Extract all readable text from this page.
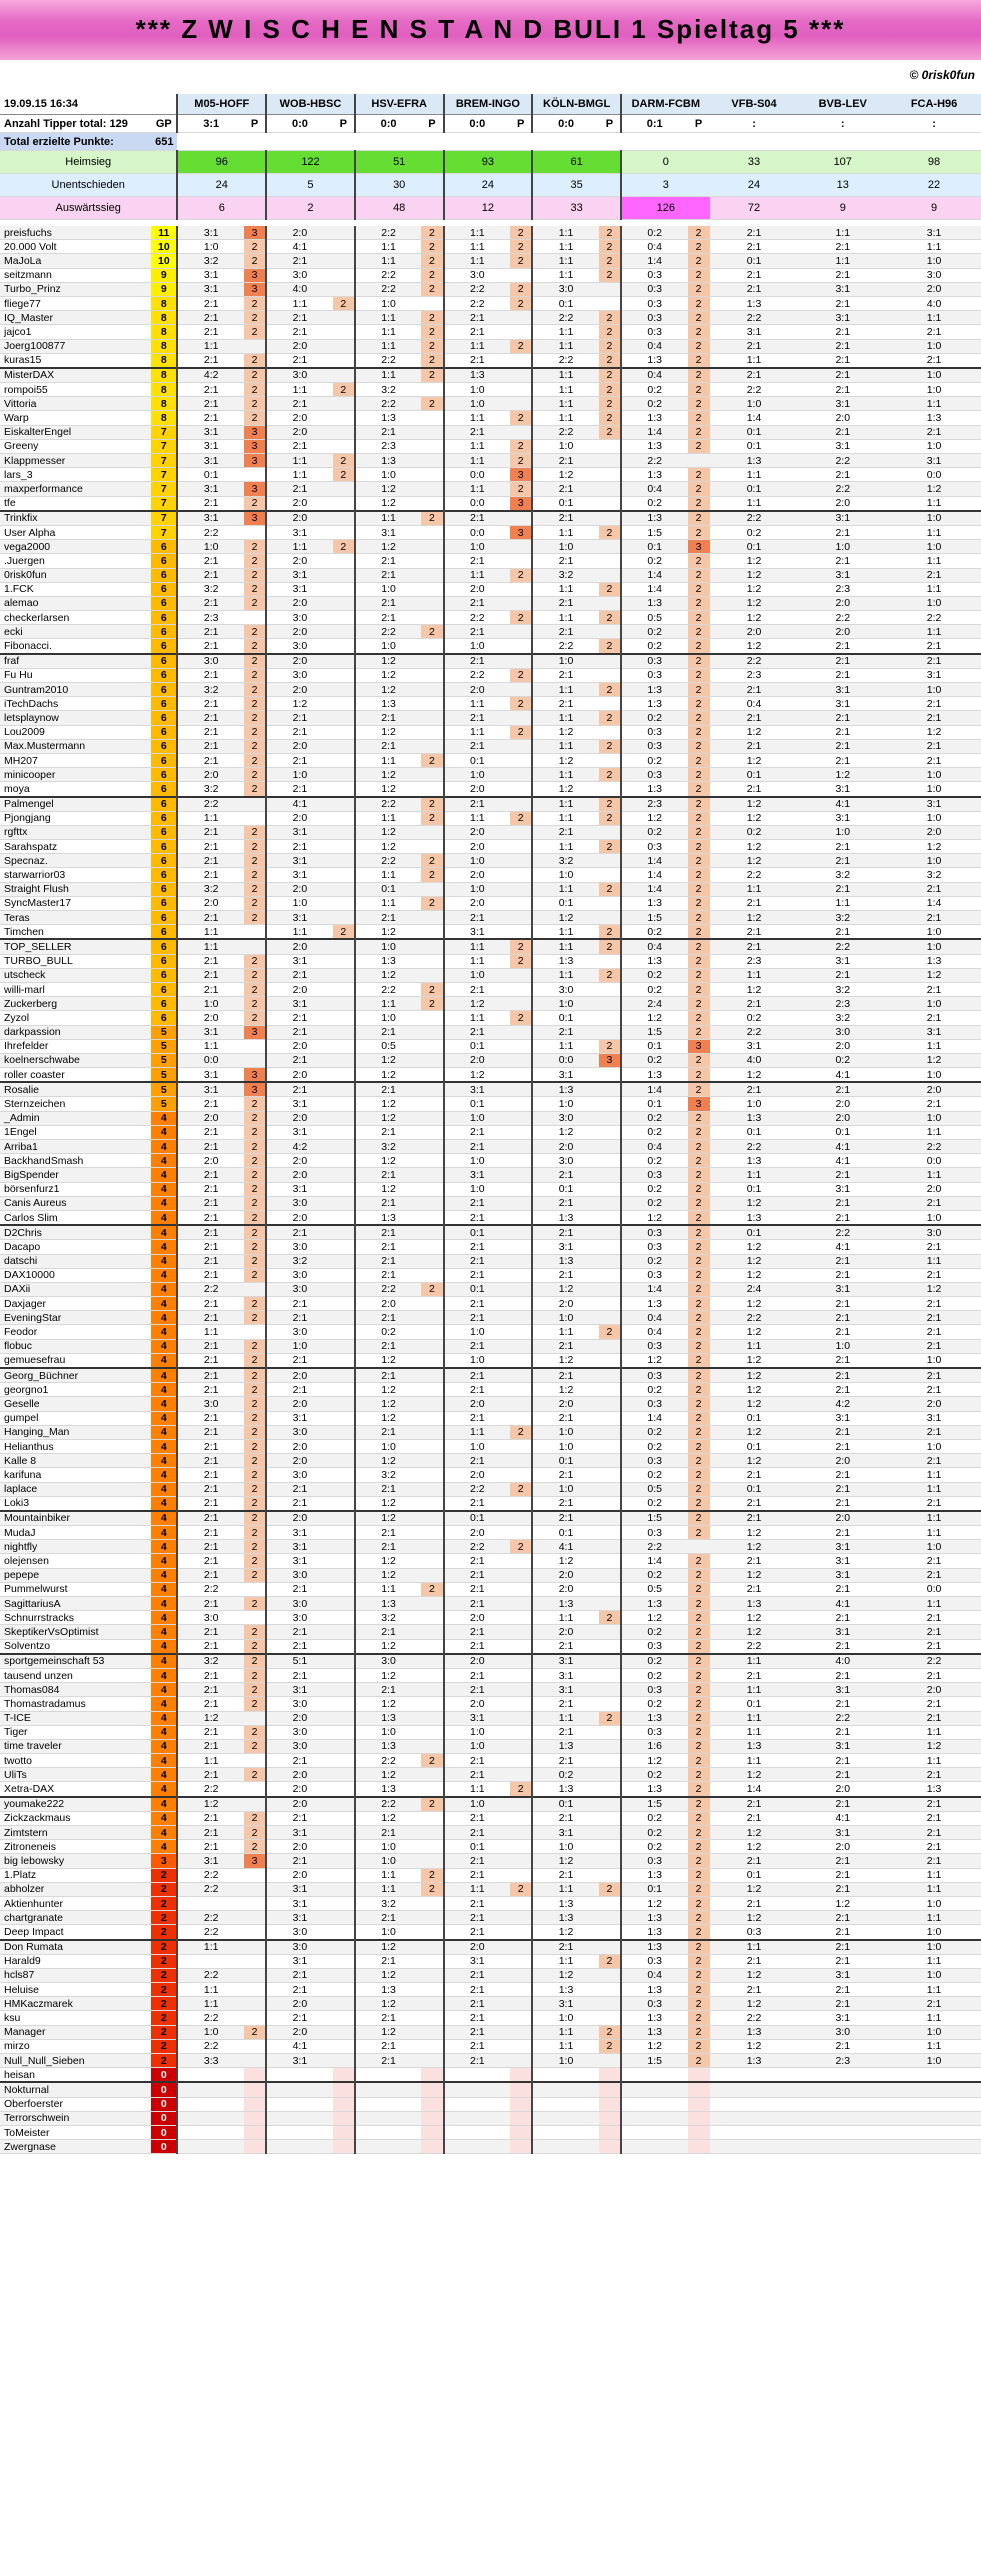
*** Z W I S C H E N S T A N D BULI 1 Spieltag 5 ***
© 0risk0fun
19.09.15 16:34		M05-HOFF		WOB-HBSC		HSV-EFRA		BREM-INGO		KÖLN-BMGL		DARM-FCBM		VFB-S04	BVB-LEV	FCA-H96
Anzahl Tipper total: 129	GP	3:1	P	0:0	P	0:0	P	0:0	P	0:0	P	0:1	P	:	:	:
Total erzielte Punkte:	651															
Heimsieg		96		122		51		93		61		0		33	107	98
Unentschieden		24		5		30		24		35		3		24	13	22
Auswärtssieg		6		2		48		12		33		126		72	9	9

preisfuchs	11	3:1	3	2:0		2:2	2	1:1	2	1:1	2	0:2	2	2:1	1:1	3:1
20.000 Volt	10	1:0	2	4:1		1:1	2	1:1	2	1:1	2	0:4	2	2:1	2:1	1:1
MaJoLa	10	3:2	2	2:1		1:1	2	1:1	2	1:1	2	1:4	2	0:1	1:1	1:0
seitzmann	9	3:1	3	3:0		2:2	2	3:0		1:1	2	0:3	2	2:1	2:1	3:0
Turbo_Prinz	9	3:1	3	4:0		2:2	2	2:2	2	3:0		0:3	2	2:1	3:1	2:0
fliege77	8	2:1	2	1:1	2	1:0		2:2	2	0:1		0:3	2	1:3	2:1	4:0
IQ_Master	8	2:1	2	2:1		1:1	2	2:1		2:2	2	0:3	2	2:2	3:1	1:1
jajco1	8	2:1	2	2:1		1:1	2	2:1		1:1	2	0:3	2	3:1	2:1	2:1
Joerg100877	8	1:1		2:0		1:1	2	1:1	2	1:1	2	0:4	2	2:1	2:1	1:0
kuras15	8	2:1	2	2:1		2:2	2	2:1		2:2	2	1:3	2	1:1	2:1	2:1
MisterDAX	8	4:2	2	3:0		1:1	2	1:3		1:1	2	0:4	2	2:1	2:1	1:0
rompoi55	8	2:1	2	1:1	2	3:2		1:0		1:1	2	0:2	2	2:2	2:1	1:0
Vittoria	8	2:1	2	2:1		2:2	2	1:0		1:1	2	0:2	2	1:0	3:1	1:1
Warp	8	2:1	2	2:0		1:3		1:1	2	1:1	2	1:3	2	1:4	2:0	1:3
EiskalterEngel	7	3:1	3	2:0		2:1		2:1		2:2	2	1:4	2	0:1	2:1	2:1
Greeny	7	3:1	3	2:1		2:3		1:1	2	1:0		1:3	2	0:1	3:1	1:0
Klappmesser	7	3:1	3	1:1	2	1:3		1:1	2	2:1		2:2		1:3	2:2	3:1
lars_3	7	0:1		1:1	2	1:0		0:0	3	1:2		1:3	2	1:1	2:1	0:0
maxperformance	7	3:1	3	2:1		1:2		1:1	2	2:1		0:4	2	0:1	2:2	1:2
tfe	7	2:1	2	2:0		1:2		0:0	3	0:1		0:2	2	1:1	2:0	1:1
Trinkfix	7	3:1	3	2:0		1:1	2	2:1		2:1		1:3	2	2:2	3:1	1:0
User Alpha	7	2:2		3:1		3:1		0:0	3	1:1	2	1:5	2	0:2	2:1	1:1
vega2000	6	1:0	2	1:1	2	1:2		1:0		1:0		0:1	3	0:1	1:0	1:0
.Juergen	6	2:1	2	2:0		2:1		2:1		2:1		0:2	2	1:2	2:1	1:1
0risk0fun	6	2:1	2	3:1		2:1		1:1	2	3:2		1:4	2	1:2	3:1	2:1
1.FCK	6	3:2	2	3:1		1:0		2:0		1:1	2	1:4	2	1:2	2:3	1:1
alemao	6	2:1	2	2:0		2:1		2:1		2:1		1:3	2	1:2	2:0	1:0
checkerlarsen	6	2:3		3:0		2:1		2:2	2	1:1	2	0:5	2	1:2	2:2	2:2
ecki	6	2:1	2	2:0		2:2	2	2:1		2:1		0:2	2	2:0	2:0	1:1
Fibonacci.	6	2:1	2	3:0		1:0		1:0		2:2	2	0:2	2	1:2	2:1	2:1
fraf	6	3:0	2	2:0		1:2		2:1		1:0		0:3	2	2:2	2:1	2:1
Fu Hu	6	2:1	2	3:0		1:2		2:2	2	2:1		0:3	2	2:3	2:1	3:1
Guntram2010	6	3:2	2	2:0		1:2		2:0		1:1	2	1:3	2	2:1	3:1	1:0
iTechDachs	6	2:1	2	1:2		1:3		1:1	2	2:1		1:3	2	0:4	3:1	2:1
letsplaynow	6	2:1	2	2:1		2:1		2:1		1:1	2	0:2	2	2:1	2:1	2:1
Lou2009	6	2:1	2	2:1		1:2		1:1	2	1:2		0:3	2	1:2	2:1	1:2
Max.Mustermann	6	2:1	2	2:0		2:1		2:1		1:1	2	0:3	2	2:1	2:1	2:1
MH207	6	2:1	2	2:1		1:1	2	0:1		1:2		0:2	2	1:2	2:1	2:1
minicooper	6	2:0	2	1:0		1:2		1:0		1:1	2	0:3	2	0:1	1:2	1:0
moya	6	3:2	2	2:1		1:2		2:0		1:2		1:3	2	2:1	3:1	1:0
Palmengel	6	2:2		4:1		2:2	2	2:1		1:1	2	2:3	2	1:2	4:1	3:1
Pjongjang	6	1:1		2:0		1:1	2	1:1	2	1:1	2	1:2	2	1:2	3:1	1:0
rgfttx	6	2:1	2	3:1		1:2		2:0		2:1		0:2	2	0:2	1:0	2:0
Sarahspatz	6	2:1	2	2:1		1:2		2:0		1:1	2	0:3	2	1:2	2:1	1:2
Specnaz.	6	2:1	2	3:1		2:2	2	1:0		3:2		1:4	2	1:2	2:1	1:0
starwarrior03	6	2:1	2	3:1		1:1	2	2:0		1:0		1:4	2	2:2	3:2	3:2
Straight Flush	6	3:2	2	2:0		0:1		1:0		1:1	2	1:4	2	1:1	2:1	2:1
SyncMaster17	6	2:0	2	1:0		1:1	2	2:0		0:1		1:3	2	2:1	1:1	1:4
Teras	6	2:1	2	3:1		2:1		2:1		1:2		1:5	2	1:2	3:2	2:1
Timchen	6	1:1		1:1	2	1:2		3:1		1:1	2	0:2	2	2:1	2:1	1:0
TOP_SELLER	6	1:1		2:0		1:0		1:1	2	1:1	2	0:4	2	2:1	2:2	1:0
TURBO_BULL	6	2:1	2	3:1		1:3		1:1	2	1:3		1:3	2	2:3	3:1	1:3
utscheck	6	2:1	2	2:1		1:2		1:0		1:1	2	0:2	2	1:1	2:1	1:2
willi-marl	6	2:1	2	2:0		2:2	2	2:1		3:0		0:2	2	1:2	3:2	2:1
Zuckerberg	6	1:0	2	3:1		1:1	2	1:2		1:0		2:4	2	2:1	2:3	1:0
Zyzol	6	2:0	2	2:1		1:0		1:1	2	0:1		1:2	2	0:2	3:2	2:1
darkpassion	5	3:1	3	2:1		2:1		2:1		2:1		1:5	2	2:2	3:0	3:1
Ihrefelder	5	1:1		2:0		0:5		0:1		1:1	2	0:1	3	3:1	2:0	1:1
koelnerschwabe	5	0:0		2:1		1:2		2:0		0:0	3	0:2	2	4:0	0:2	1:2
roller coaster	5	3:1	3	2:0		1:2		1:2		3:1		1:3	2	1:2	4:1	1:0
Rosalie	5	3:1	3	2:1		2:1		3:1		1:3		1:4	2	2:1	2:1	2:0
Sternzeichen	5	2:1	2	3:1		1:2		0:1		1:0		0:1	3	1:0	2:0	2:1
_Admin	4	2:0	2	2:0		1:2		1:0		3:0		0:2	2	1:3	2:0	1:0
1Engel	4	2:1	2	3:1		2:1		2:1		1:2		0:2	2	0:1	0:1	1:1
Arriba1	4	2:1	2	4:2		3:2		2:1		2:0		0:4	2	2:2	4:1	2:2
BackhandSmash	4	2:0	2	2:0		1:2		1:0		3:0		0:2	2	1:3	4:1	0:0
BigSpender	4	2:1	2	2:0		2:1		3:1		2:1		0:3	2	1:1	2:1	1:1
börsenfurz1	4	2:1	2	3:1		1:2		1:0		0:1		0:2	2	0:1	3:1	2:0
Canis Aureus	4	2:1	2	3:0		2:1		2:1		2:1		0:2	2	1:2	2:1	2:1
Carlos Slim	4	2:1	2	2:0		1:3		2:1		1:3		1:2	2	1:3	2:1	1:0
D2Chris	4	2:1	2	2:1		2:1		0:1		2:1		0:3	2	0:1	2:2	3:0
Dacapo	4	2:1	2	3:0		2:1		2:1		3:1		0:3	2	1:2	4:1	2:1
datschi	4	2:1	2	3:2		2:1		2:1		1:3		0:2	2	1:2	2:1	1:1
DAX10000	4	2:1	2	3:0		2:1		2:1		2:1		0:3	2	1:2	2:1	2:1
DAXii	4	2:2		3:0		2:2	2	0:1		1:2		1:4	2	2:4	3:1	1:2
Daxjager	4	2:1	2	2:1		2:0		2:1		2:0		1:3	2	1:2	2:1	2:1
EveningStar	4	2:1	2	2:1		2:1		2:1		1:0		0:4	2	2:2	2:1	2:1
Feodor	4	1:1		3:0		0:2		1:0		1:1	2	0:4	2	1:2	2:1	2:1
flobuc	4	2:1	2	1:0		2:1		2:1		2:1		0:3	2	1:1	1:0	2:1
gemuesefrau	4	2:1	2	2:1		1:2		1:0		1:2		1:2	2	1:2	2:1	1:0
Georg_Büchner	4	2:1	2	2:0		2:1		2:1		2:1		0:3	2	1:2	2:1	2:1
georgno1	4	2:1	2	2:1		1:2		2:1		1:2		0:2	2	1:2	2:1	2:1
Geselle	4	3:0	2	2:0		1:2		2:0		2:0		0:3	2	1:2	4:2	2:0
gumpel	4	2:1	2	3:1		1:2		2:1		2:1		1:4	2	0:1	3:1	3:1
Hanging_Man	4	2:1	2	3:0		2:1		1:1	2	1:0		0:2	2	1:2	2:1	2:1
Helianthus	4	2:1	2	2:0		1:0		1:0		1:0		0:2	2	0:1	2:1	1:0
Kalle 8	4	2:1	2	2:0		1:2		2:1		0:1		0:3	2	1:2	2:0	2:1
karifuna	4	2:1	2	3:0		3:2		2:0		2:1		0:2	2	2:1	2:1	1:1
laplace	4	2:1	2	2:1		2:1		2:2	2	1:0		0:5	2	0:1	2:1	1:1
Loki3	4	2:1	2	2:1		1:2		2:1		2:1		0:2	2	2:1	2:1	2:1
Mountainbiker	4	2:1	2	2:0		1:2		0:1		2:1		1:5	2	2:1	2:0	1:1
MudaJ	4	2:1	2	3:1		2:1		2:0		0:1		0:3	2	1:2	2:1	1:1
nightfly	4	2:1	2	3:1		2:1		2:2	2	4:1		2:2		1:2	3:1	1:0
olejensen	4	2:1	2	3:1		1:2		2:1		1:2		1:4	2	2:1	3:1	2:1
pepepe	4	2:1	2	3:0		1:2		2:1		2:0		0:2	2	1:2	3:1	2:1
Pummelwurst	4	2:2		2:1		1:1	2	2:1		2:0		0:5	2	2:1	2:1	0:0
SagittariusA	4	2:1	2	3:0		1:3		2:1		1:3		1:3	2	1:3	4:1	1:1
Schnurrstracks	4	3:0		3:0		3:2		2:0		1:1	2	1:2	2	1:2	2:1	2:1
SkeptikerVsOptimist	4	2:1	2	2:1		2:1		2:1		2:0		0:2	2	1:2	3:1	2:1
Solventzo	4	2:1	2	2:1		1:2		2:1		2:1		0:3	2	2:2	2:1	2:1
sportgemeinschaft 53	4	3:2	2	5:1		3:0		2:0		3:1		0:2	2	1:1	4:0	2:2
tausend unzen	4	2:1	2	2:1		1:2		2:1		3:1		0:2	2	2:1	2:1	2:1
Thomas084	4	2:1	2	3:1		2:1		2:1		3:1		0:3	2	1:1	3:1	2:0
Thomastradamus	4	2:1	2	3:0		1:2		2:0		2:1		0:2	2	0:1	2:1	2:1
T-ICE	4	1:2		2:0		1:3		3:1		1:1	2	1:3	2	1:1	2:2	2:1
Tiger	4	2:1	2	3:0		1:0		1:0		2:1		0:3	2	1:1	2:1	1:1
time traveler	4	2:1	2	3:0		1:3		1:0		1:3		1:6	2	1:3	3:1	1:2
twotto	4	1:1		2:1		2:2	2	2:1		2:1		1:2	2	1:1	2:1	1:1
UliTs	4	2:1	2	2:0		1:2		2:1		0:2		0:2	2	1:2	2:1	2:1
Xetra-DAX	4	2:2		2:0		1:3		1:1	2	1:3		1:3	2	1:4	2:0	1:3
youmake222	4	1:2		2:0		2:2	2	1:0		0:1		1:5	2	2:1	2:1	2:1
Zickzackmaus	4	2:1	2	2:1		1:2		2:1		2:1		0:2	2	2:1	4:1	2:1
Zimtstern	4	2:1	2	3:1		2:1		2:1		3:1		0:2	2	1:2	3:1	2:1
Zitroneneis	4	2:1	2	2:0		1:0		0:1		1:0		0:2	2	1:2	2:0	2:1
big lebowsky	3	3:1	3	2:1		1:0		2:1		1:2		0:3	2	2:1	2:1	2:1
1.Platz	2	2:2		2:0		1:1	2	2:1		2:1		1:3	2	0:1	2:1	1:1
abholzer	2	2:2		3:1		1:1	2	1:1	2	1:1	2	0:1	2	1:2	2:1	1:1
Aktienhunter	2			3:1		3:2		2:1		1:3		1:2	2	2:1	1:2	1:0
chartgranate	2	2:2		3:1		2:1		2:1		1:3		1:3	2	1:2	2:1	1:1
Deep Impact	2	2:2		3:0		1:0		2:1		1:2		1:3	2	0:3	2:1	1:0
Don Rumata	2	1:1		3:0		1:2		2:0		2:1		1:3	2	1:1	2:1	1:0
Harald9	2			3:1		2:1		3:1		1:1	2	0:3	2	2:1	2:1	1:1
hcls87	2	2:2		2:1		1:2		2:1		1:2		0:4	2	1:2	3:1	1:0
Heluise	2	1:1		2:1		1:3		2:1		1:3		1:3	2	2:1	2:1	1:1
HMKaczmarek	2	1:1		2:0		1:2		2:1		3:1		0:3	2	1:2	2:1	2:1
ksu	2	2:2		2:1		2:1		2:1		1:0		1:3	2	2:2	3:1	1:1
Manager	2	1:0	2	2:0		1:2		2:1		1:1	2	1:3	2	1:3	3:0	1:0
mirzo	2	2:2		4:1		2:1		2:1		1:1	2	1:2	2	1:2	2:1	1:1
Null_Null_Sieben	2	3:3		3:1		2:1		2:1		1:0		1:5	2	1:3	2:3	1:0
heisan	0															
Nokturnal	0															
Oberfoerster	0															
Terrorschwein	0															
ToMeister	0															
Zwergnase	0															
